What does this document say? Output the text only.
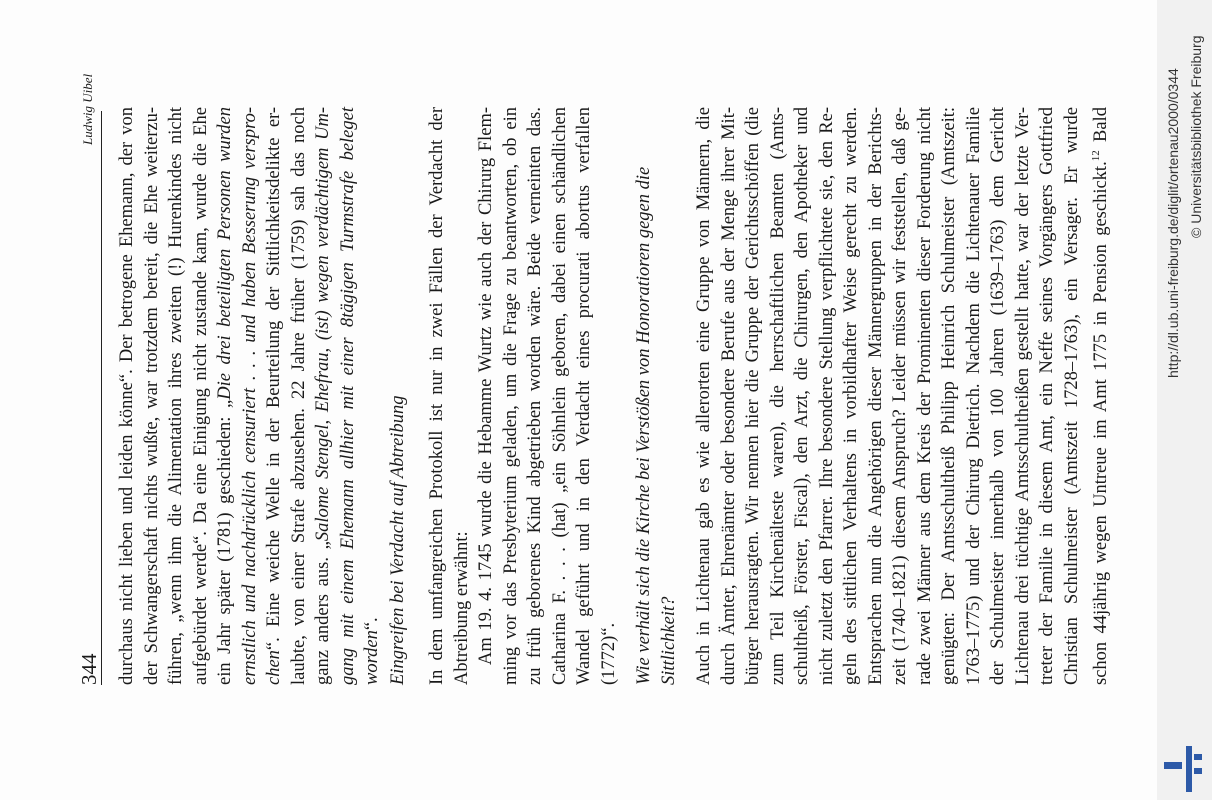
http://dl.ub.uni-freiburg.de/diglit/ortenau2000/0344 © Universitätsbibliothek Freiburg
344
Ludwig Uibel durchaus nicht lieben und leiden könne“. Der betrogene Ehemann, der von der Schwangerschaft nichts wußte, war trotzdem bereit, die Ehe weiterzu- führen, „wenn ihm die Alimentation ihres zweiten (!) Hurenkindes nicht aufgebürdet werde“. Da eine Einigung nicht zustande kam, wurde die Ehe ein Jahr später (1781) geschieden: „Die drei beteiligten Personen wurden ernstlich und nachdrücklich censuriert . . . und haben Besserung verspro- chen“. Eine weiche Welle in der Beurteilung der Sittlichkeitsdelikte er- laubte, von einer Strafe abzusehen. 22 Jahre früher (1759) sah das noch ganz anders aus. „Salome Stengel, Ehefrau, (ist) wegen verdächtigem Um- gang mit einem Ehemann allhier mit einer 8tägigen Turmstrafe beleget worden“. Eingreifen bei Verdacht auf Abtreibung In dem umfangreichen Protokoll ist nur in zwei Fällen der Verdacht der Abtreibung erwähnt: Am 19. 4. 1745 wurde die Hebamme Wurtz wie auch der Chirurg Flem- ming vor das Presbyterium geladen, um die Frage zu beantworten, ob ein zu früh geborenes Kind abgetrieben worden wäre. Beide verneinten das. Catharina F. . . . (hat) „ein Söhnlein geboren, dabei einen schändlichen Wandel geführt und in den Verdacht eines procurati abortus verfallen (1772)“. Wie verhält sich die Kirche bei Verstößen von Honoratioren gegen die Sittlichkeit? Auch in Lichtenau gab es wie allerorten eine Gruppe von Männern, die durch Ämter, Ehrenämter oder besondere Berufe aus der Menge ihrer Mit- bürger herausragten. Wir nennen hier die Gruppe der Gerichtsschöffen (die zum Teil Kirchenälteste waren), die herrschaftlichen Beamten (Amts- schultheiß, Förster, Fiscal), den Arzt, die Chirurgen, den Apotheker und nicht zuletzt den Pfarrer. Ihre besondere Stellung verpflichtete sie, den Re- geln des sittlichen Verhaltens in vorbildhafter Weise gerecht zu werden. Entsprachen nun die Angehörigen dieser Männergruppen in der Berichts- zeit (1740–1821) diesem Anspruch? Leider müssen wir feststellen, daß ge- rade zwei Männer aus dem Kreis der Prominenten dieser Forderung nicht genügten: Der Amtsschultheiß Philipp Heinrich Schulmeister (Amtszeit: 1763–1775) und der Chirurg Dietrich. Nachdem die Lichtenauer Familie der Schulmeister innerhalb von 100 Jahren (1639–1763) dem Gericht Lichtenau drei tüchtige Amtsschultheißen gestellt hatte, war der letzte Ver- treter der Familie in diesem Amt, ein Neffe seines Vorgängers Gottfried Christian Schulmeister (Amtszeit 1728–1763), ein Versager. Er wurde schon 44jährig wegen Untreue im Amt 1775 in Pension geschickt.$^{12}$ Bald
